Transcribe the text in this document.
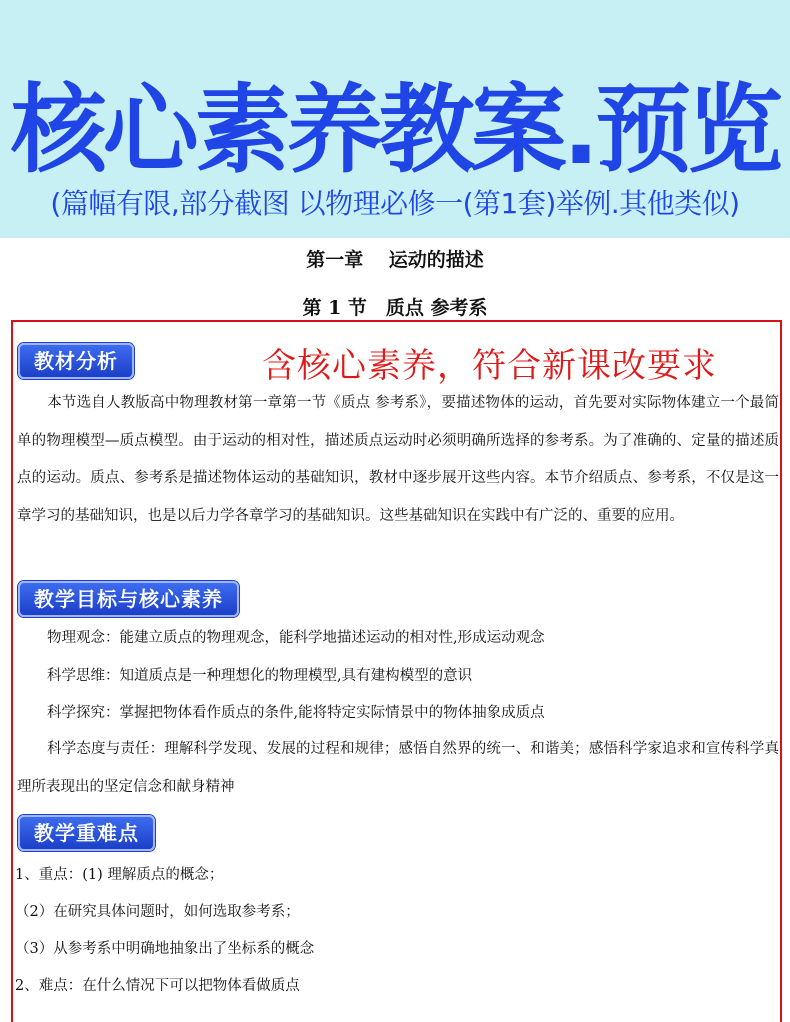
核心素养教案.预览
(篇幅有限,部分截图 以物理必修一(第1套)举例.其他类似)
第一章　 运动的描述
第 1 节　质点 参考系
教材分析	含核心素养，符合新课改要求
本节选自人教版高中物理教材第一章第一节《质点 参考系》，要描述物体的运动，首先要对实际物体建立一个最简单的物理模型—质点模型。由于运动的相对性，描述质点运动时必须明确所选择的参考系。为了准确的、定量的描述质点的运动。质点、参考系是描述物体运动的基础知识，教材中逐步展开这些内容。本节介绍质点、参考系，不仅是这一章学习的基础知识，也是以后力学各章学习的基础知识。这些基础知识在实践中有广泛的、重要的应用。
教学目标与核心素养
物理观念：能建立质点的物理观念，能科学地描述运动的相对性,形成运动观念
科学思维：知道质点是一种理想化的物理模型,具有建构模型的意识
科学探究：掌握把物体看作质点的条件,能将特定实际情景中的物体抽象成质点
科学态度与责任：理解科学发现、发展的过程和规律；感悟自然界的统一、和谐美；感悟科学家追求和宣传科学真理所表现出的坚定信念和献身精神
教学重难点
1、重点：(1) 理解质点的概念；
（2）在研究具体问题时，如何选取参考系；
（3）从参考系中明确地抽象出了坐标系的概念
2、难点：在什么情况下可以把物体看做质点
